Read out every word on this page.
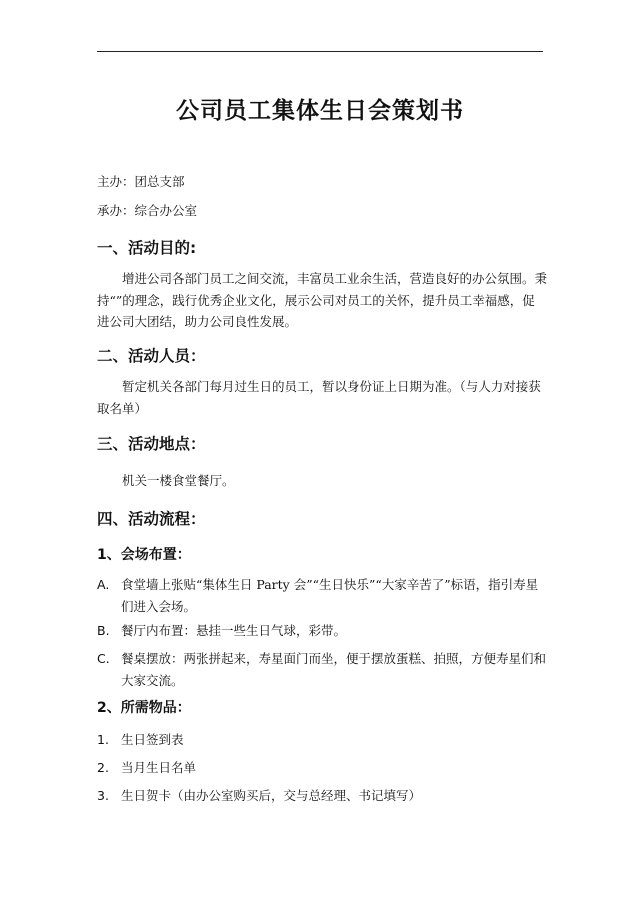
公司员工集体生日会策划书
主办：团总支部
承办：综合办公室
一、活动目的:
增进公司各部门员工之间交流，丰富员工业余生活，营造良好的办公氛围。秉持“”的理念，践行优秀企业文化，展示公司对员工的关怀，提升员工幸福感，促进公司大团结，助力公司良性发展。
二、活动人员：
暂定机关各部门每月过生日的员工，暂以身份证上日期为准。（与人力对接获取名单）
三、活动地点：
机关一楼食堂餐厅。
四、活动流程：
1、会场布置：
A. 食堂墙上张贴“集体生日 Party 会”“生日快乐”“大家辛苦了”标语，指引寿星们进入会场。
B. 餐厅内布置：悬挂一些生日气球，彩带。
C. 餐桌摆放：两张拼起来，寿星面门而坐，便于摆放蛋糕、拍照，方便寿星们和大家交流。
2、所需物品：
1. 生日签到表
2. 当月生日名单
3. 生日贺卡（由办公室购买后，交与总经理、书记填写）
